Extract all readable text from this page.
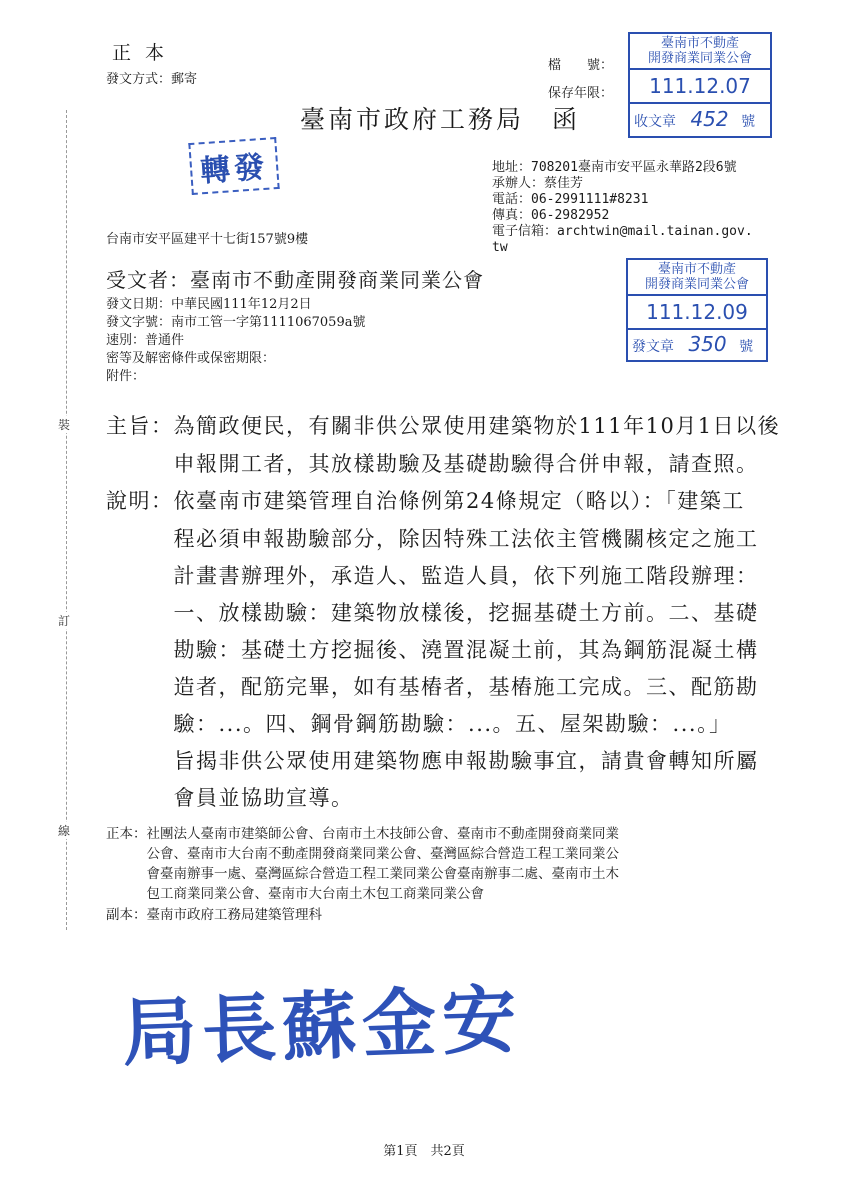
正 本
發文方式：郵寄
檔　　號：
保存年限：
臺南市不動產
開發商業同業公會
111.12.07
收文章 452 號
臺南市政府工務局　函
轉發	地址：708201臺南市安平區永華路2段6號
承辦人：蔡佳芳
電話：06-2991111#8231
傳真：06-2982952
電子信箱：archtwin@mail.tainan.gov.
tw
台南市安平區建平十七街157號9樓
受文者：臺南市不動產開發商業同業公會	臺南市不動產
開發商業同業公會
111.12.09
發文章 350 號
發文日期：中華民國111年12月2日
發文字號：南市工管一字第1111067059a號
速別：普通件
密等及解密條件或保密期限：
附件：
裝
訂
線
主旨：為簡政便民，有關非供公眾使用建築物於111年10月1日以後
　　　申報開工者，其放樣勘驗及基礎勘驗得合併申報，請查照。
說明：依臺南市建築管理自治條例第24條規定（略以）：「建築工
　　　程必須申報勘驗部分，除因特殊工法依主管機關核定之施工
　　　計畫書辦理外，承造人、監造人員，依下列施工階段辦理：
　　　一、放樣勘驗：建築物放樣後，挖掘基礎土方前。二、基礎
　　　勘驗：基礎土方挖掘後、澆置混凝土前，其為鋼筋混凝土構
　　　造者，配筋完畢，如有基樁者，基樁施工完成。三、配筋勘
　　　驗：...。四、鋼骨鋼筋勘驗：...。五、屋架勘驗：...。」
　　　旨揭非供公眾使用建築物應申報勘驗事宜，請貴會轉知所屬
　　　會員並協助宣導。
正本：社團法人臺南市建築師公會、台南市土木技師公會、臺南市不動產開發商業同業
　　　公會、臺南市大台南不動產開發商業同業公會、臺灣區綜合營造工程工業同業公
　　　會臺南辦事一處、臺灣區綜合營造工程工業同業公會臺南辦事二處、臺南市土木
　　　包工商業同業公會、臺南市大台南土木包工商業同業公會
副本：臺南市政府工務局建築管理科
局長蘇金安
第1頁　共2頁
